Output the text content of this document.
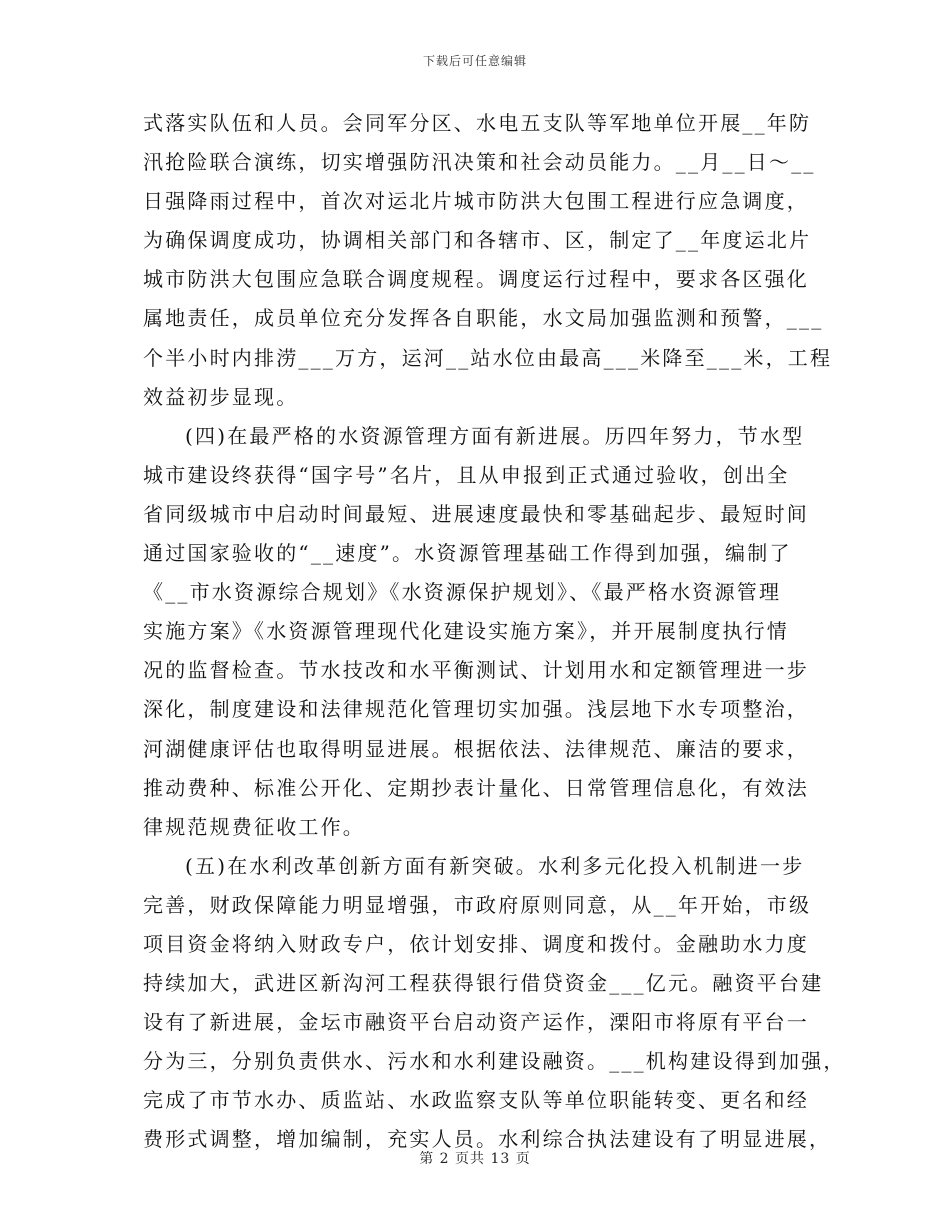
下载后可任意编辑
式落实队伍和人员。会同军分区、水电五支队等军地单位开展__年防
汛抢险联合演练，切实增强防汛决策和社会动员能力。__月__日～__
日强降雨过程中，首次对运北片城市防洪大包围工程进行应急调度，
为确保调度成功，协调相关部门和各辖市、区，制定了__年度运北片
城市防洪大包围应急联合调度规程。调度运行过程中，要求各区强化
属地责任，成员单位充分发挥各自职能，水文局加强监测和预警，___
个半小时内排涝___万方，运河__站水位由最高___米降至___米，工程
效益初步显现。
(四)在最严格的水资源管理方面有新进展。历四年努力，节水型
城市建设终获得“国字号”名片，且从申报到正式通过验收，创出全
省同级城市中启动时间最短、进展速度最快和零基础起步、最短时间
通过国家验收的“__速度”。水资源管理基础工作得到加强，编制了
《__市水资源综合规划》《水资源保护规划》、《最严格水资源管理
实施方案》《水资源管理现代化建设实施方案》，并开展制度执行情
况的监督检查。节水技改和水平衡测试、计划用水和定额管理进一步
深化，制度建设和法律规范化管理切实加强。浅层地下水专项整治，
河湖健康评估也取得明显进展。根据依法、法律规范、廉洁的要求，
推动费种、标准公开化、定期抄表计量化、日常管理信息化，有效法
律规范规费征收工作。
(五)在水利改革创新方面有新突破。水利多元化投入机制进一步
完善，财政保障能力明显增强，市政府原则同意，从__年开始，市级
项目资金将纳入财政专户，依计划安排、调度和拨付。金融助水力度
持续加大，武进区新沟河工程获得银行借贷资金___亿元。融资平台建
设有了新进展，金坛市融资平台启动资产运作，溧阳市将原有平台一
分为三，分别负责供水、污水和水利建设融资。___机构建设得到加强，
完成了市节水办、质监站、水政监察支队等单位职能转变、更名和经
费形式调整，增加编制，充实人员。水利综合执法建设有了明显进展，
第 2 页共 13 页
